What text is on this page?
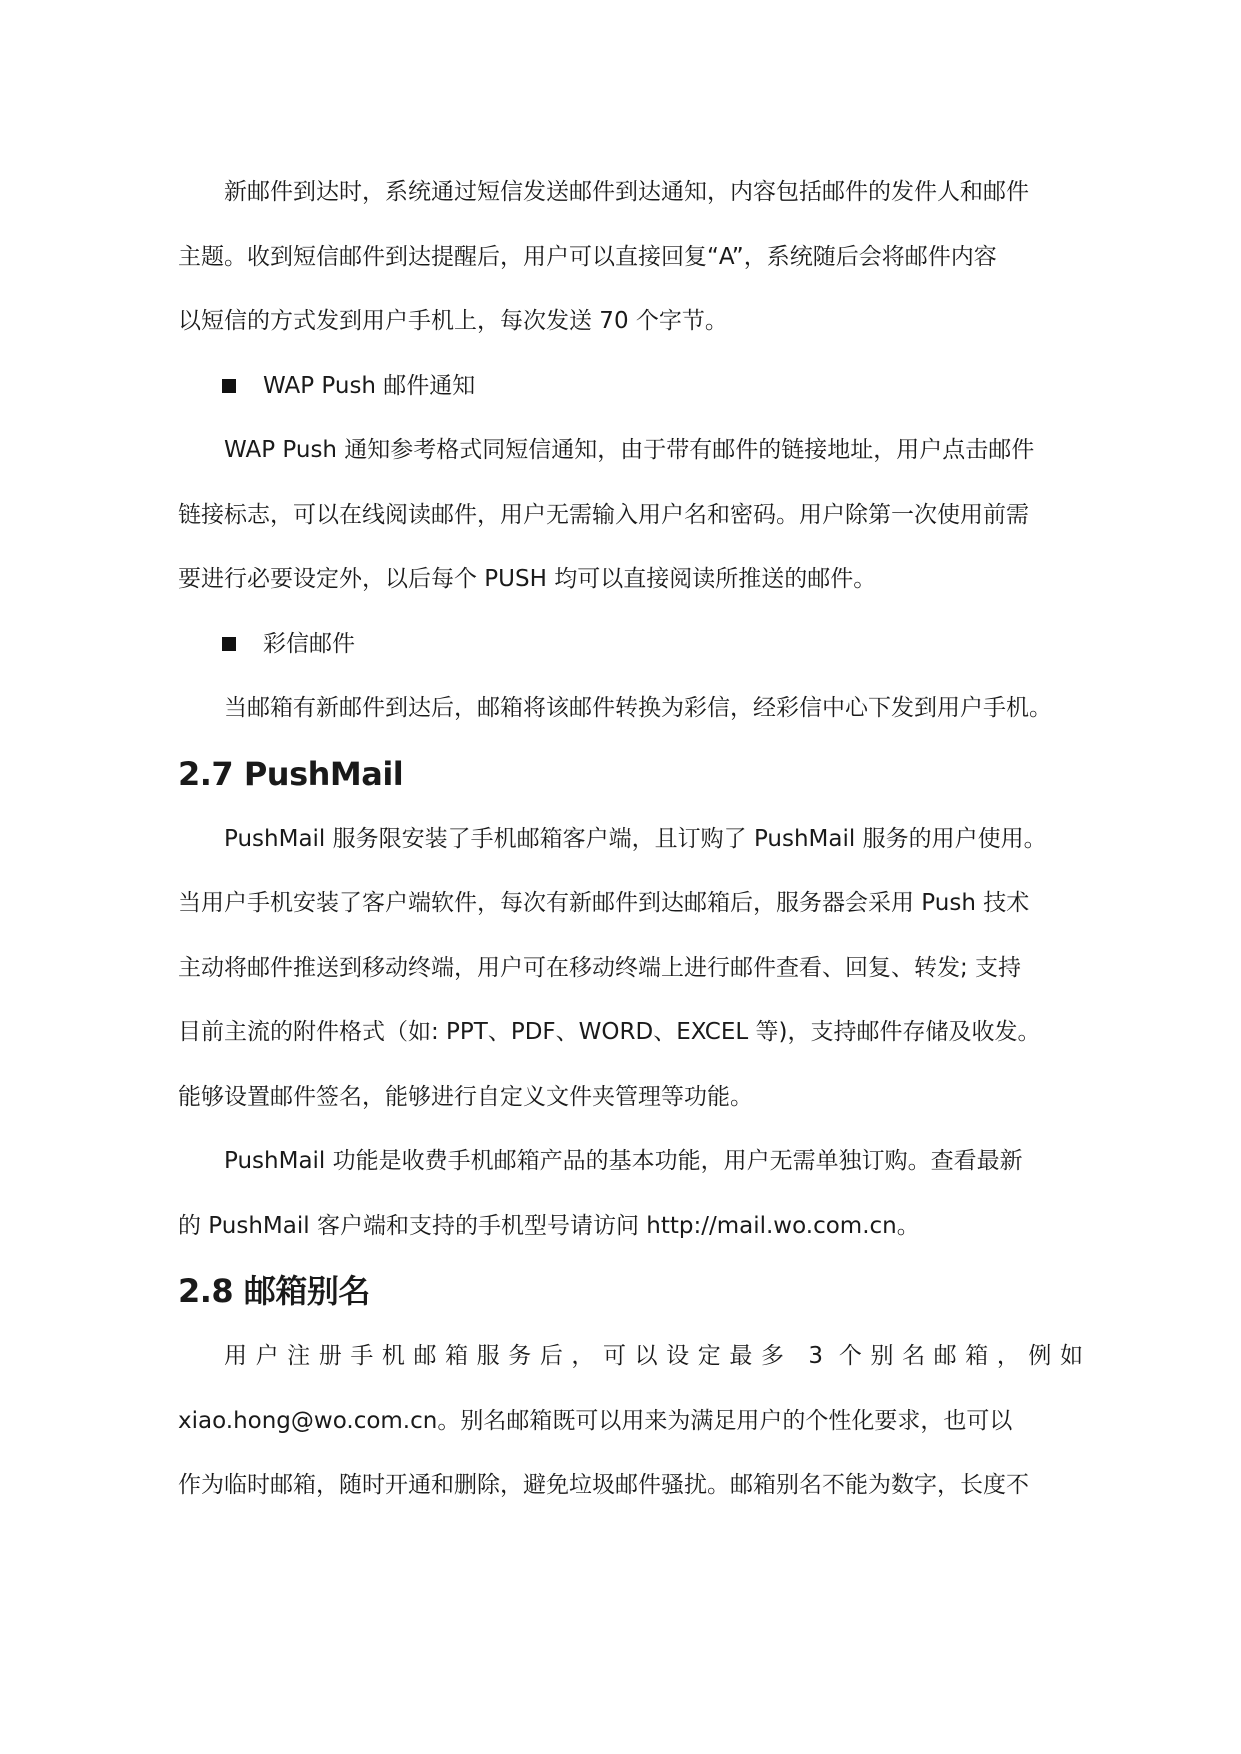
新邮件到达时，系统通过短信发送邮件到达通知，内容包括邮件的发件人和邮件
主题。收到短信邮件到达提醒后，用户可以直接回复“A”，系统随后会将邮件内容
以短信的方式发到用户手机上，每次发送 70 个字节。
WAP Push 邮件通知
WAP Push 通知参考格式同短信通知，由于带有邮件的链接地址，用户点击邮件
链接标志，可以在线阅读邮件，用户无需输入用户名和密码。用户除第一次使用前需
要进行必要设定外，以后每个 PUSH 均可以直接阅读所推送的邮件。
彩信邮件
当邮箱有新邮件到达后，邮箱将该邮件转换为彩信，经彩信中心下发到用户手机。
2.7 PushMail
PushMail 服务限安装了手机邮箱客户端，且订购了 PushMail 服务的用户使用。
当用户手机安装了客户端软件，每次有新邮件到达邮箱后，服务器会采用 Push 技术
主动将邮件推送到移动终端，用户可在移动终端上进行邮件查看、回复、转发; 支持
目前主流的附件格式（如: PPT、PDF、WORD、EXCEL 等)，支持邮件存储及收发。
能够设置邮件签名，能够进行自定义文件夹管理等功能。
PushMail 功能是收费手机邮箱产品的基本功能，用户无需单独订购。查看最新
的 PushMail 客户端和支持的手机型号请访问 http://mail.wo.com.cn。
2.8 邮箱别名
用户注册手机邮箱服务后，可以设定最多 3 个别名邮箱，例如
xiao.hong@wo.com.cn。别名邮箱既可以用来为满足用户的个性化要求，也可以
作为临时邮箱，随时开通和删除，避免垃圾邮件骚扰。邮箱别名不能为数字，长度不
